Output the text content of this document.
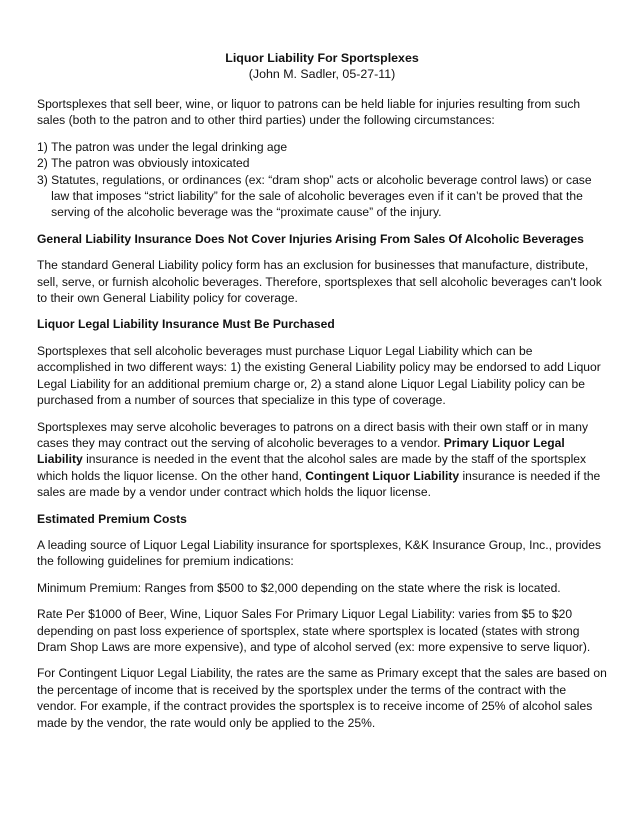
Liquor Liability For Sportsplexes
(John M. Sadler, 05-27-11)

Sportsplexes that sell beer, wine, or liquor to patrons can be held liable for injuries resulting from such sales (both to the patron and to other third parties) under the following circumstances:

1) The patron was under the legal drinking age
2) The patron was obviously intoxicated
3) Statutes, regulations, or ordinances (ex: “dram shop” acts or alcoholic beverage control laws) or case law that imposes “strict liability” for the sale of alcoholic beverages even if it can’t be proved that the serving of the alcoholic beverage was the “proximate cause” of the injury.
General Liability Insurance Does Not Cover Injuries Arising From Sales Of Alcoholic Beverages

The standard General Liability policy form has an exclusion for businesses that manufacture, distribute, sell, serve, or furnish alcoholic beverages. Therefore, sportsplexes that sell alcoholic beverages can't look to their own General Liability policy for coverage.

Liquor Legal Liability Insurance Must Be Purchased

Sportsplexes that sell alcoholic beverages must purchase Liquor Legal Liability which can be accomplished in two different ways: 1) the existing General Liability policy may be endorsed to add Liquor Legal Liability for an additional premium charge or, 2) a stand alone Liquor Legal Liability policy can be purchased from a number of sources that specialize in this type of coverage.

Sportsplexes may serve alcoholic beverages to patrons on a direct basis with their own staff or in many cases they may contract out the serving of alcoholic beverages to a vendor. Primary Liquor Legal Liability insurance is needed in the event that the alcohol sales are made by the staff of the sportsplex which holds the liquor license. On the other hand, Contingent Liquor Liability insurance is needed if the sales are made by a vendor under contract which holds the liquor license.

Estimated Premium Costs

A leading source of Liquor Legal Liability insurance for sportsplexes, K&K Insurance Group, Inc., provides the following guidelines for premium indications:

Minimum Premium: Ranges from $500 to $2,000 depending on the state where the risk is located.

Rate Per $1000 of Beer, Wine, Liquor Sales For Primary Liquor Legal Liability: varies from $5 to $20 depending on past loss experience of sportsplex, state where sportsplex is located (states with strong Dram Shop Laws are more expensive), and type of alcohol served (ex: more expensive to serve liquor).

For Contingent Liquor Legal Liability, the rates are the same as Primary except that the sales are based on the percentage of income that is received by the sportsplex under the terms of the contract with the vendor. For example, if the contract provides the sportsplex is to receive income of 25% of alcohol sales made by the vendor, the rate would only be applied to the 25%.
